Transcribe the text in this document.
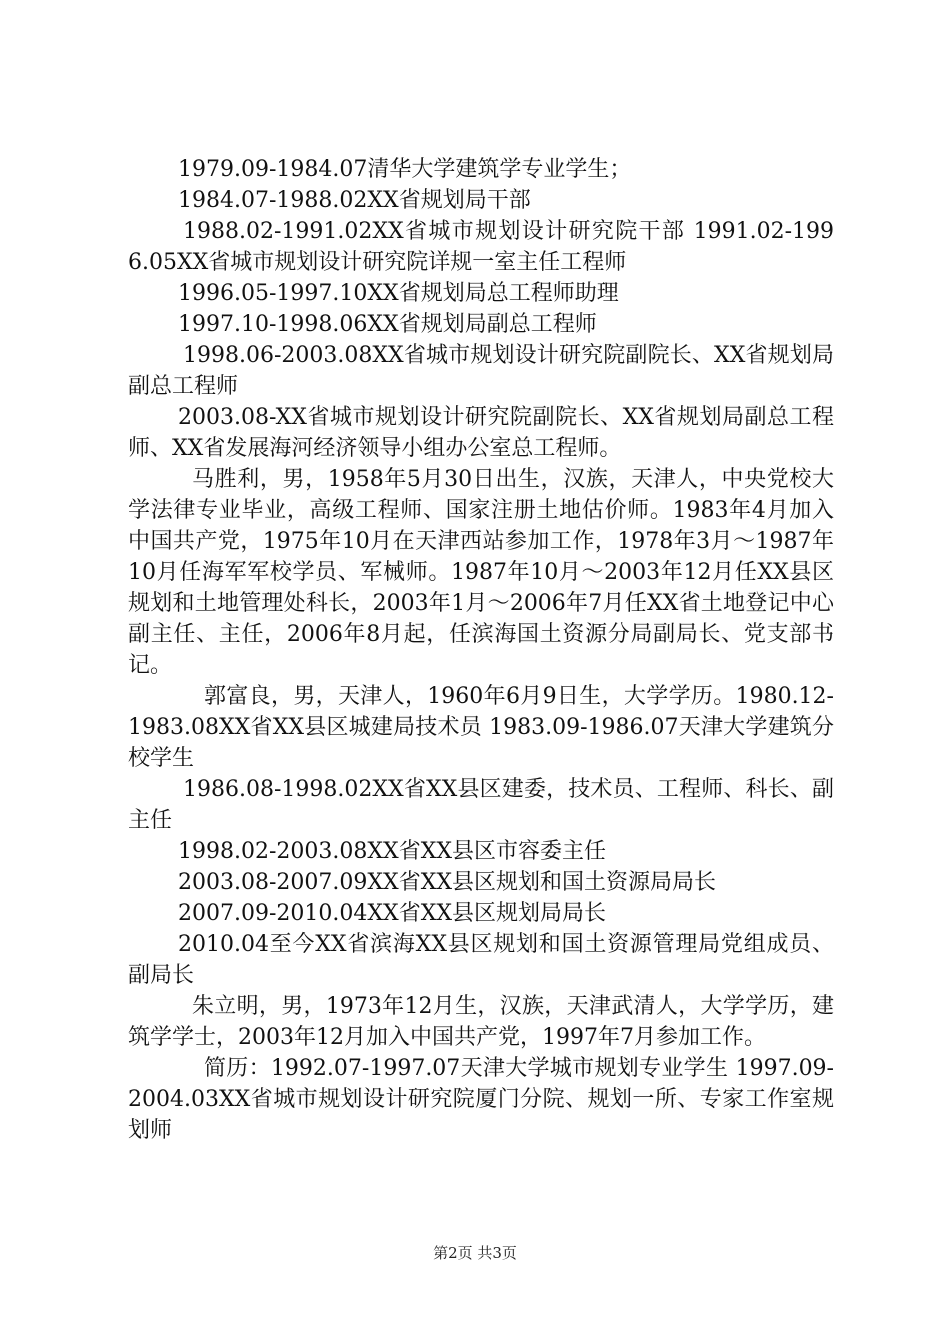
1979.09-1984.07清华大学建筑学专业学生；

1984.07-1988.02XX省规划局干部

1988.02-1991.02XX省城市规划设计研究院干部 1991.02-1996.05XX省城市规划设计研究院详规一室主任工程师

1996.05-1997.10XX省规划局总工程师助理

1997.10-1998.06XX省规划局副总工程师

1998.06-2003.08XX省城市规划设计研究院副院长、XX省规划局副总工程师

2003.08-XX省城市规划设计研究院副院长、XX省规划局副总工程师、XX省发展海河经济领导小组办公室总工程师。

马胜利，男，1958年5月30日出生，汉族，天津人，中央党校大学法律专业毕业，高级工程师、国家注册土地估价师。1983年4月加入中国共产党，1975年10月在天津西站参加工作，1978年3月～1987年10月任海军军校学员、军械师。1987年10月～2003年12月任XX县区规划和土地管理处科长，2003年1月～2006年7月任XX省土地登记中心副主任、主任，2006年8月起，任滨海国土资源分局副局长、党支部书记。

郭富良，男，天津人，1960年6月9日生，大学学历。1980.12-1983.08XX省XX县区城建局技术员 1983.09-1986.07天津大学建筑分校学生

1986.08-1998.02XX省XX县区建委，技术员、工程师、科长、副主任

1998.02-2003.08XX省XX县区市容委主任

2003.08-2007.09XX省XX县区规划和国土资源局局长

2007.09-2010.04XX省XX县区规划局局长

2010.04至今XX省滨海XX县区规划和国土资源管理局党组成员、副局长

朱立明，男，1973年12月生，汉族，天津武清人，大学学历，建筑学学士，2003年12月加入中国共产党，1997年7月参加工作。

简历：1992.07-1997.07天津大学城市规划专业学生 1997.09-2004.03XX省城市规划设计研究院厦门分院、规划一所、专家工作室规划师

第2页 共3页
